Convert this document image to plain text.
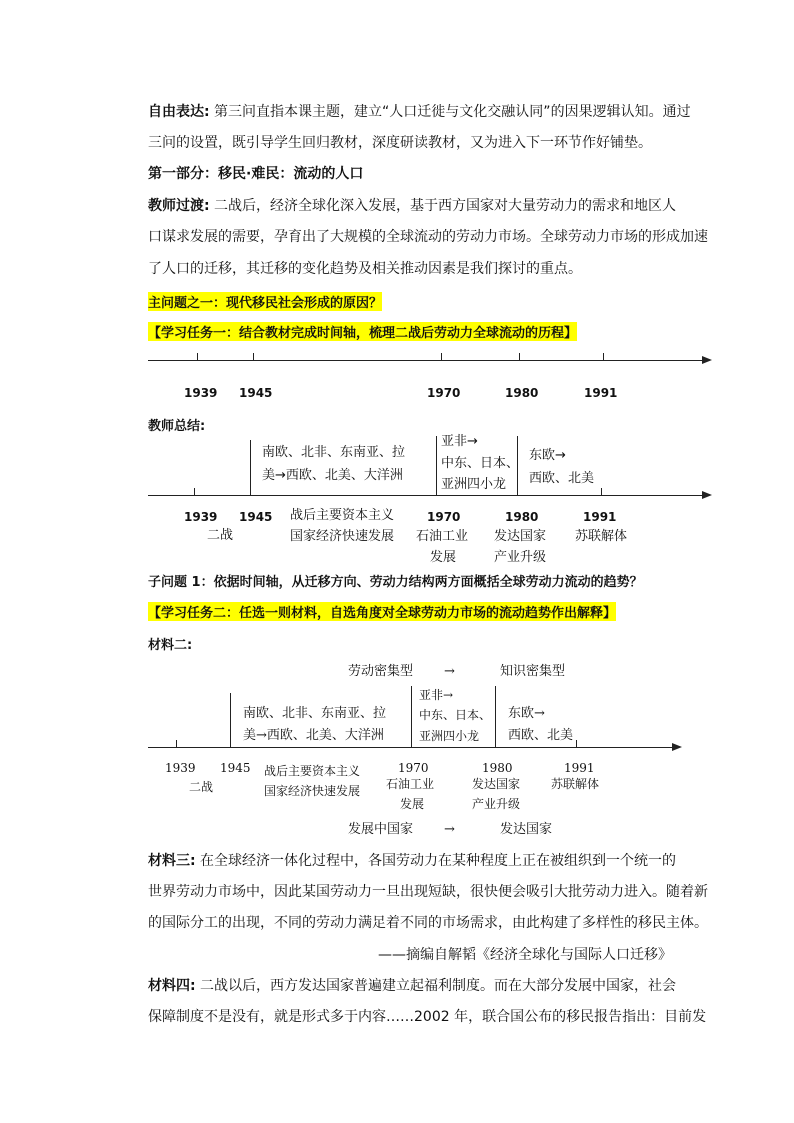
自由表达: 第三问直指本课主题，建立“人口迁徙与文化交融认同”的因果逻辑认知。通过
三问的设置，既引导学生回归教材，深度研读教材，又为进入下一环节作好铺垫。
第一部分：移民·难民：流动的人口
教师过渡: 二战后，经济全球化深入发展，基于西方国家对大量劳动力的需求和地区人
口谋求发展的需要，孕育出了大规模的全球流动的劳动力市场。全球劳动力市场的形成加速
了人口的迁移，其迁移的变化趋势及相关推动因素是我们探讨的重点。
主问题之一：现代移民社会形成的原因？
【学习任务一：结合教材完成时间轴，梳理二战后劳动力全球流动的历程】
1939 1945	1970	1980	1991
教师总结:
南欧、北非、东南亚、拉
美→西欧、北美、大洋洲
亚非→
中东、日本、
亚洲四小龙
东欧→
西欧、北美
1939 1945	1970	1980	1991
二战
战后主要资本主义
国家经济快速发展 石油工业
发展
发达国家
产业升级
苏联解体
子问题 1：依据时间轴，从迁移方向、劳动力结构两方面概括全球劳动力流动的趋势？
【学习任务二：任选一则材料，自选角度对全球劳动力市场的流动趋势作出解释】
材料二:
劳动密集型 →	知识密集型
南欧、北非、东南亚、拉
美→西欧、北美、大洋洲
亚非→
中东、日本、
亚洲四小龙
东欧→
西欧、北美
1939 1945	1970	1980	1991
二战
战后主要资本主义
国家经济快速发展 石油工业
发展
发达国家
产业升级
苏联解体
发展中国家 →	发达国家
材料三: 在全球经济一体化过程中，各国劳动力在某种程度上正在被组织到一个统一的
世界劳动力市场中，因此某国劳动力一旦出现短缺，很快便会吸引大批劳动力进入。随着新
的国际分工的出现，不同的劳动力满足着不同的市场需求，由此构建了多样性的移民主体。
——摘编自解韬《经济全球化与国际人口迁移》
材料四: 二战以后，西方发达国家普遍建立起福利制度。而在大部分发展中国家，社会
保障制度不是没有，就是形式多于内容……2002 年，联合国公布的移民报告指出：目前发
